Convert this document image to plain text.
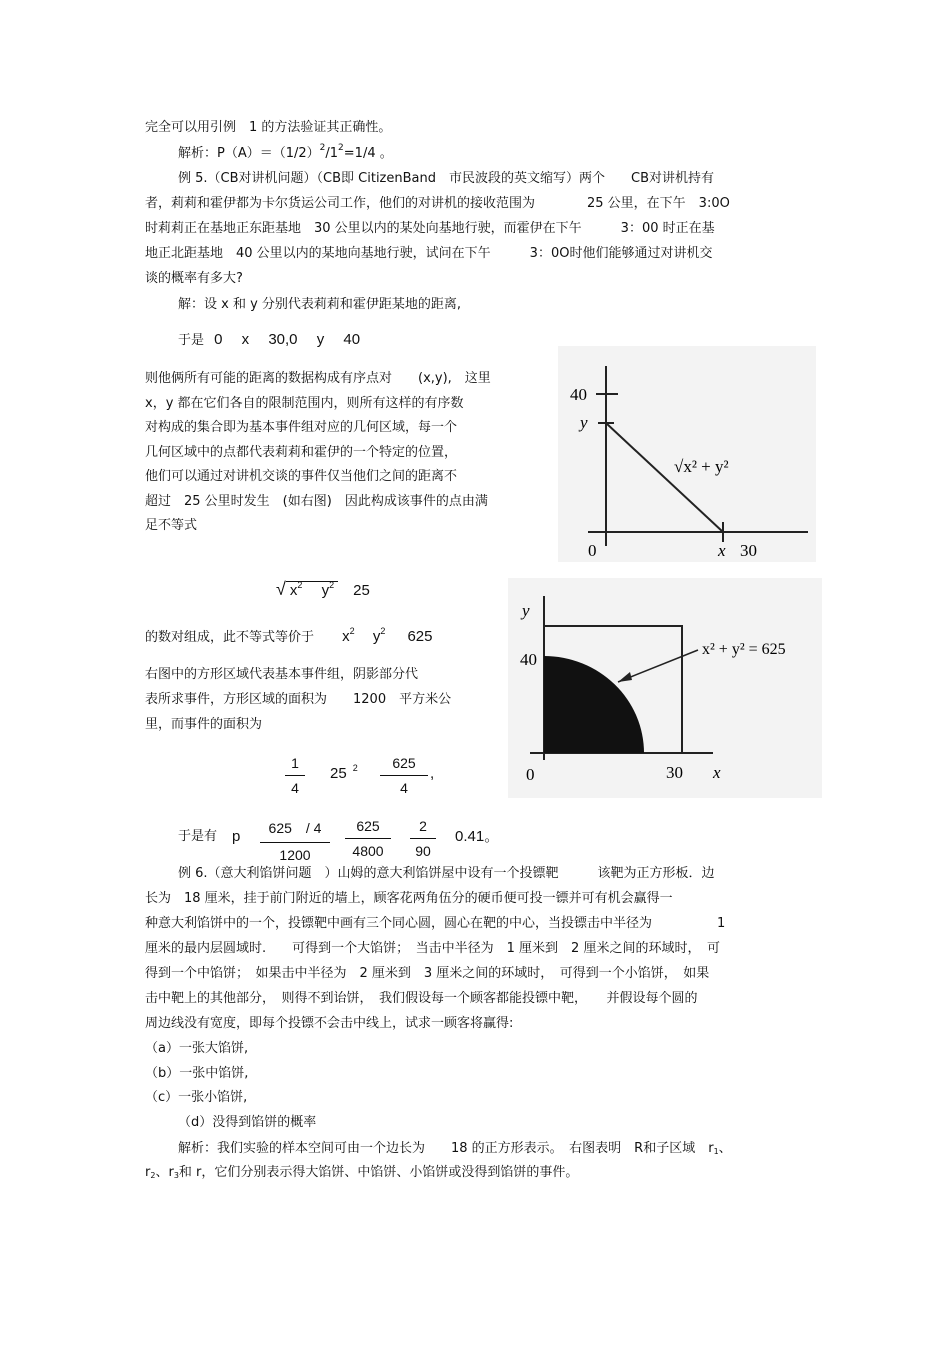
完全可以用引例　1 的方法验证其正确性。
解析：$P(A)=(1/2)^2/1^2=1/4$ 。
例 5.（CB对讲机问题）（CB即 CitizenBand　市民波段的英文缩写）两个　　CB对讲机持有
者，莉莉和霍伊都为卡尔货运公司工作，他们的对讲机的接收范围为　　　　25 公里，在下午　3:0O
时莉莉正在基地正东距基地　30 公里以内的某处向基地行驶，而霍伊在下午　　　3：00 时正在基
地正北距基地　40 公里以内的某地向基地行驶，试问在下午　　　3：0O时他们能够通过对讲机交
谈的概率有多大?
解：设 x 和 y 分别代表莉莉和霍伊距某地的距离,
于是 0　 x　 30,0　 y　 40
则他俩所有可能的距离的数据构成有序点对　　(x,y),　这里
x，y 都在它们各自的限制范围内，则所有这样的有序数
对构成的集合即为基本事件组对应的几何区域，每一个
几何区域中的点都代表莉莉和霍伊的一个特定的位置，
他们可以通过对讲机交谈的事件仅当他们之间的距离不
超过　25 公里时发生　(如右图)　因此构成该事件的点由满
足不等式
40
y
0	x 30
√x² + y²
√ $x^2$　 $y^2$　 25
的数对组成，此不等式等价于 $x^2$ $y^2$ 625
右图中的方形区域代表基本事件组，阴影部分代
表所求事件，方形区域的面积为　　1200　平方米公
里，而事件的面积为
y
40
0	30 x
x² + y² = 625
1
4
25 $^2$	625
4
,
于是有 p	625　/ 4
1200
625
4800
2
90
0.41。
例 6.（意大利馅饼问题　）山姆的意大利馅饼屋中设有一个投镖靶　　　该靶为正方形板．边
长为　18 厘米，挂于前门附近的墙上，顾客花两角伍分的硬币便可投一镖并可有机会赢得一
种意大利馅饼中的一个，投镖靶中画有三个同心圆，圆心在靶的中心，当投镖击中半径为　　　　　1
厘米的最内层圆域时.　　可得到一个大馅饼；　当击中半径为　1 厘米到　2 厘米之间的环域时，　可
得到一个中馅饼；　如果击中半径为　2 厘米到　3 厘米之间的环域时，　可得到一个小馅饼，　如果
击中靶上的其他部分，　则得不到诒饼，　我们假设每一个顾客都能投镖中靶，　　并假设每个圆的
周边线没有宽度，即每个投镖不会击中线上，试求一顾客将赢得:
（a）一张大馅饼,
（b）一张中馅饼,
（c）一张小馅饼,
（d）没得到馅饼的概率
解析：我们实验的样本空间可由一个边长为　　18 的正方形表示。　右图表明　R和子区域　r1、
r2、r3和 r，它们分别表示得大馅饼、中馅饼、小馅饼或没得到馅饼的事件。
